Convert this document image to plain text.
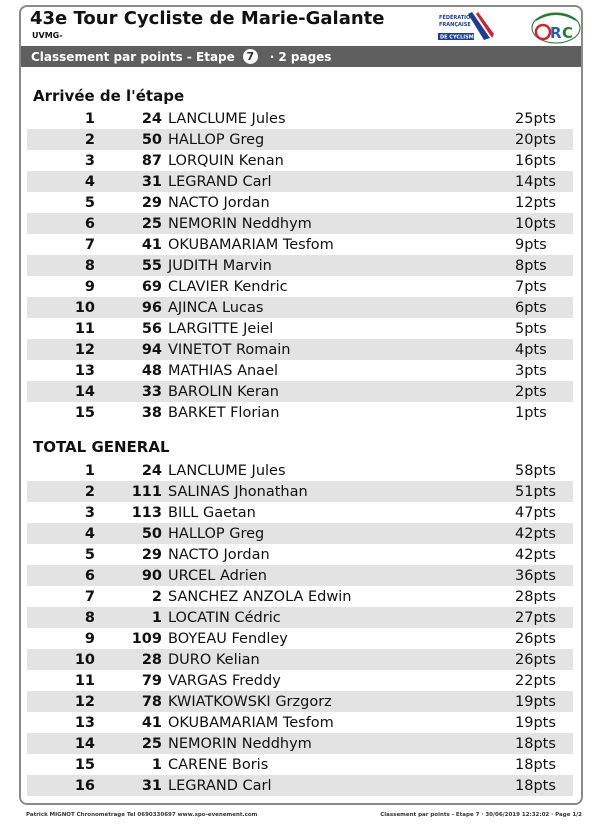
43e Tour Cycliste de Marie-Galante
UVMG-
FÉDÉRATION
FRANÇAISE
DE CYCLISME	R C
Classement par points - Etape	7	· 2 pages
Arrivée de l'étape
1	24 LANCLUME Jules	25pts
2	50 HALLOP Greg	20pts
3	87 LORQUIN Kenan	16pts
4	31 LEGRAND Carl	14pts
5	29 NACTO Jordan	12pts
6	25 NEMORIN Neddhym	10pts
7	41 OKUBAMARIAM Tesfom	9pts
8	55 JUDITH Marvin	8pts
9	69 CLAVIER Kendric	7pts
10	96 AJINCA Lucas	6pts
11	56 LARGITTE Jeiel	5pts
12	94 VINETOT Romain	4pts
13	48 MATHIAS Anael	3pts
14	33 BAROLIN Keran	2pts
15	38 BARKET Florian	1pts
TOTAL GENERAL
1	24 LANCLUME Jules	58pts
2	111 SALINAS Jhonathan	51pts
3	113 BILL Gaetan	47pts
4	50 HALLOP Greg	42pts
5	29 NACTO Jordan	42pts
6	90 URCEL Adrien	36pts
7	2 SANCHEZ ANZOLA Edwin	28pts
8	1 LOCATIN Cédric	27pts
9	109 BOYEAU Fendley	26pts
10	28 DURO Kelian	26pts
11	79 VARGAS Freddy	22pts
12	78 KWIATKOWSKI Grzgorz	19pts
13	41 OKUBAMARIAM Tesfom	19pts
14	25 NEMORIN Neddhym	18pts
15	1 CARENE Boris	18pts
16	31 LEGRAND Carl	18pts
Patrick MIGNOT Chronométrage Tel 0690330697 www.spo-evenement.com	Classement par points - Etape 7 · 30/06/2019 12:32:02 · Page 1/2
